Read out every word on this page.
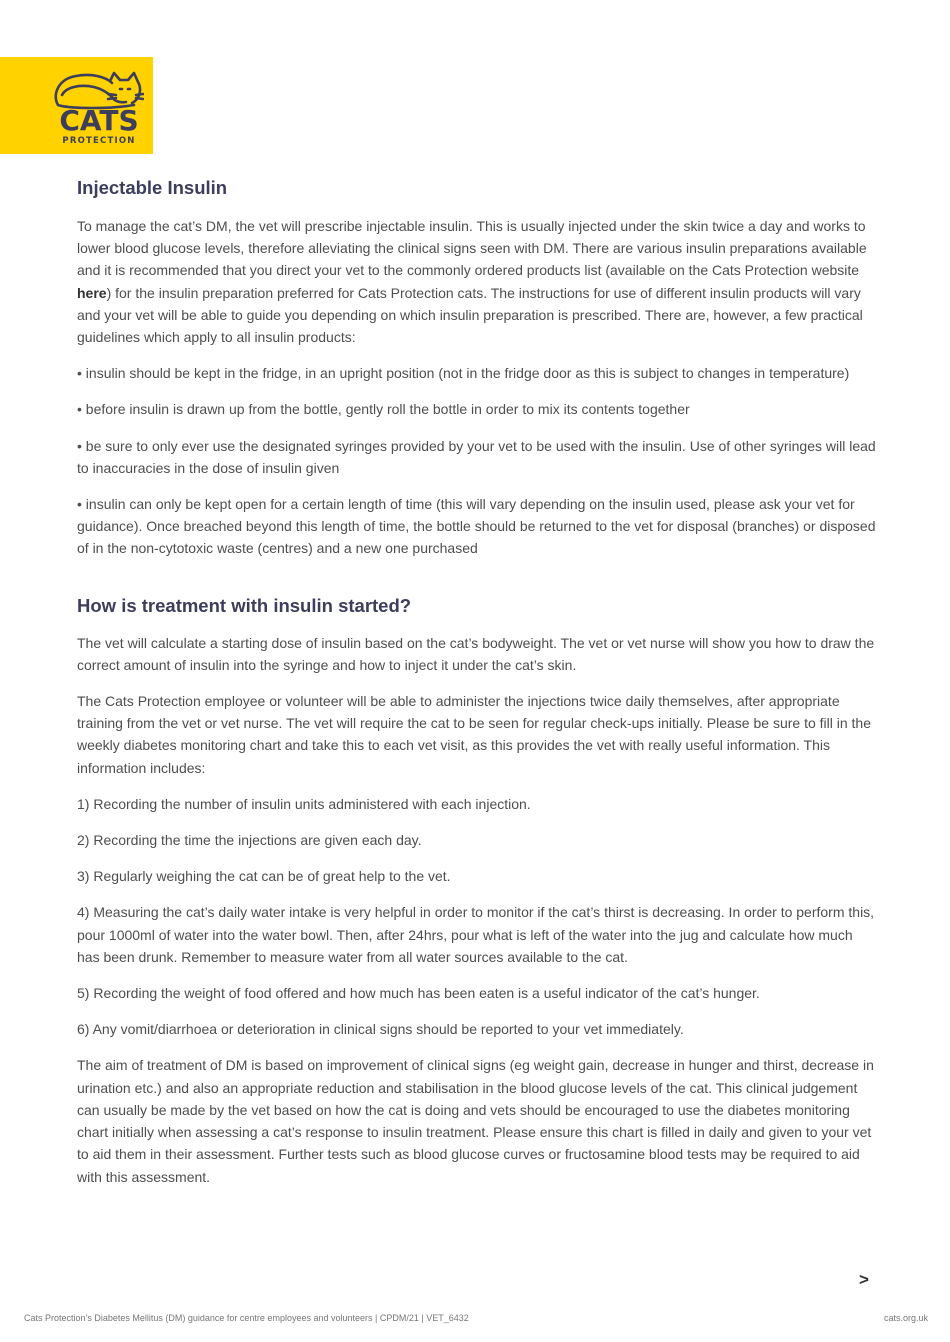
CATS
PROTECTION
Injectable Insulin

To manage the cat’s DM, the vet will prescribe injectable insulin. This is usually injected under the skin twice a day and works to lower blood glucose levels, therefore alleviating the clinical signs seen with DM. There are various insulin preparations available and it is recommended that you direct your vet to the commonly ordered products list (available on the Cats Protection website here) for the insulin preparation preferred for Cats Protection cats. The instructions for use of different insulin products will vary and your vet will be able to guide you depending on which insulin preparation is prescribed. There are, however, a few practical guidelines which apply to all insulin products:

• insulin should be kept in the fridge, in an upright position (not in the fridge door as this is subject to changes in temperature)

• before insulin is drawn up from the bottle, gently roll the bottle in order to mix its contents together

• be sure to only ever use the designated syringes provided by your vet to be used with the insulin. Use of other syringes will lead to inaccuracies in the dose of insulin given

• insulin can only be kept open for a certain length of time (this will vary depending on the insulin used, please ask your vet for guidance). Once breached beyond this length of time, the bottle should be returned to the vet for disposal (branches) or disposed of in the non-cytotoxic waste (centres) and a new one purchased

How is treatment with insulin started?

The vet will calculate a starting dose of insulin based on the cat’s bodyweight. The vet or vet nurse will show you how to draw the correct amount of insulin into the syringe and how to inject it under the cat’s skin.

The Cats Protection employee or volunteer will be able to administer the injections twice daily themselves, after appropriate training from the vet or vet nurse. The vet will require the cat to be seen for regular check-ups initially. Please be sure to fill in the weekly diabetes monitoring chart and take this to each vet visit, as this provides the vet with really useful information. This information includes:

1) Recording the number of insulin units administered with each injection.

2) Recording the time the injections are given each day.

3) Regularly weighing the cat can be of great help to the vet.

4) Measuring the cat’s daily water intake is very helpful in order to monitor if the cat’s thirst is decreasing. In order to perform this, pour 1000ml of water into the water bowl. Then, after 24hrs, pour what is left of the water into the jug and calculate how much has been drunk. Remember to measure water from all water sources available to the cat.

5) Recording the weight of food offered and how much has been eaten is a useful indicator of the cat’s hunger.

6) Any vomit/diarrhoea or deterioration in clinical signs should be reported to your vet immediately.

The aim of treatment of DM is based on improvement of clinical signs (eg weight gain, decrease in hunger and thirst, decrease in urination etc.) and also an appropriate reduction and stabilisation in the blood glucose levels of the cat. This clinical judgement can usually be made by the vet based on how the cat is doing and vets should be encouraged to use the diabetes monitoring chart initially when assessing a cat’s response to insulin treatment. Please ensure this chart is filled in daily and given to your vet to aid them in their assessment. Further tests such as blood glucose curves or fructosamine blood tests may be required to aid with this assessment.

>
Cats Protection’s Diabetes Mellitus (DM) guidance for centre employees and volunteers | CPDM/21 | VET_6432	cats.org.uk
